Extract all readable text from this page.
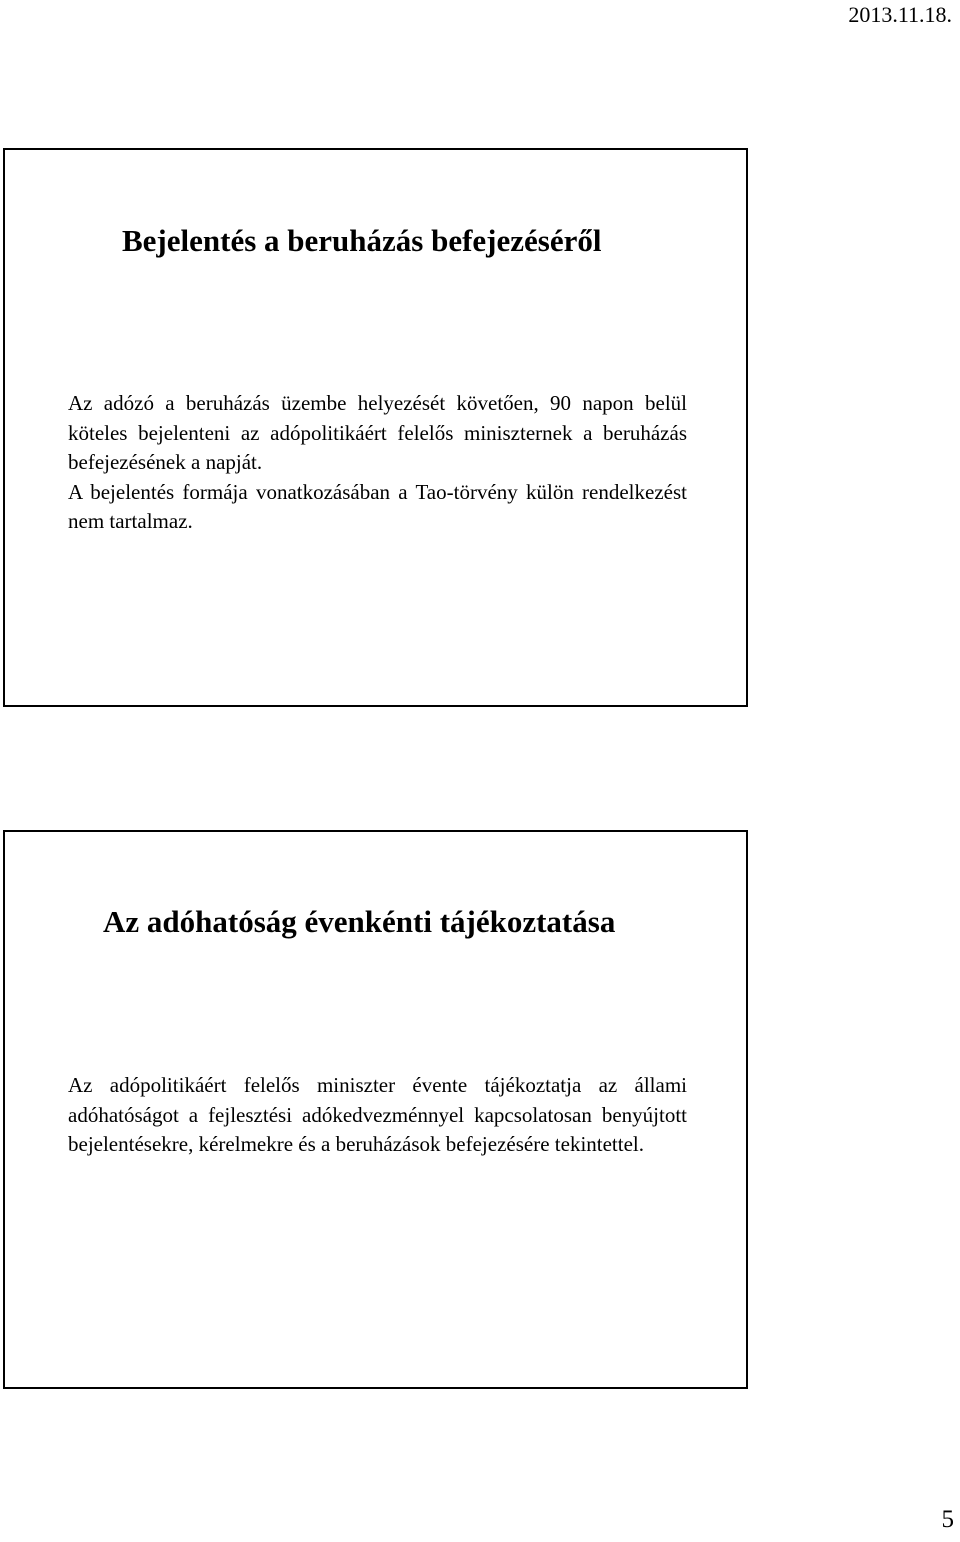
2013.11.18.
Bejelentés a beruházás befejezéséről

Az adózó a beruházás üzembe helyezését követően, 90 napon belül köteles bejelenteni az adópolitikáért felelős miniszternek a beruházás befejezésének a napját.

A bejelentés formája vonatkozásában a Tao-törvény külön rendelkezést nem tartalmaz.

Az adóhatóság évenkénti tájékoztatása

Az adópolitikáért felelős miniszter évente tájékoztatja az állami adóhatóságot a fejlesztési adókedvezménnyel kapcsolatosan benyújtott bejelentésekre, kérelmekre és a beruházások befejezésére tekintettel.

5
